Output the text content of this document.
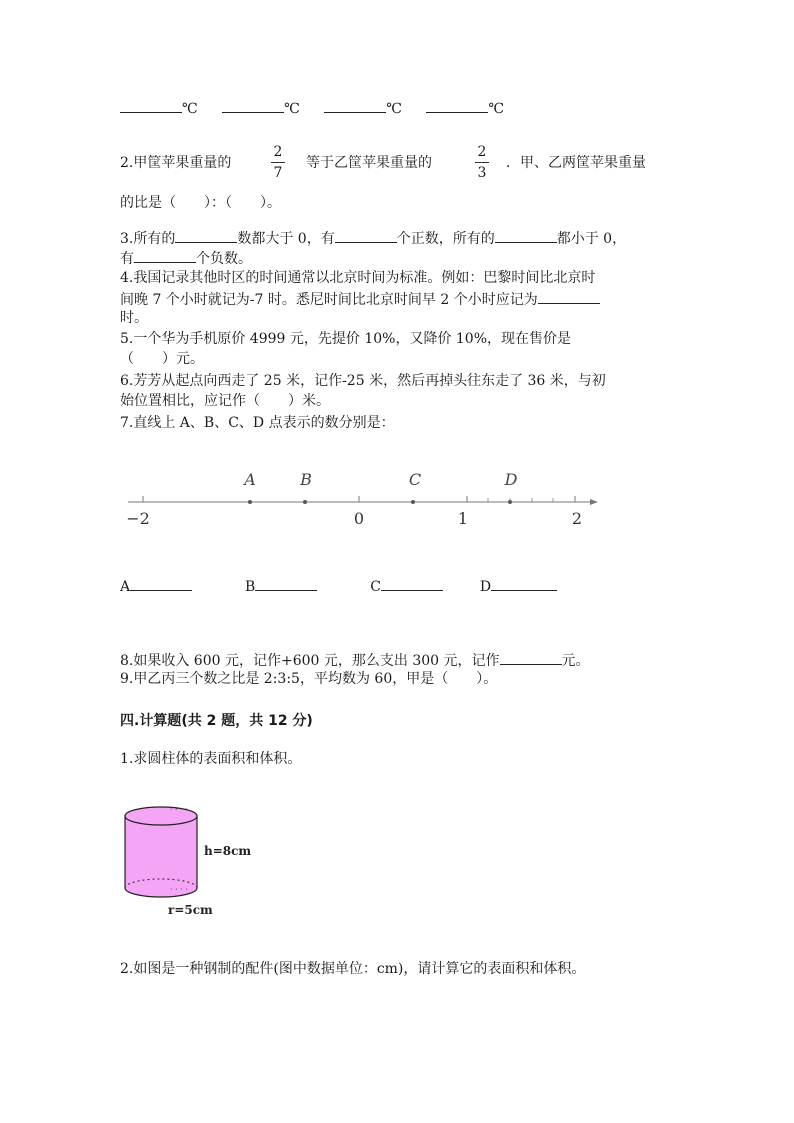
℃	℃	℃	℃
2.甲筐苹果重量的
2
7
等于乙筐苹果重量的
2
3
．甲、乙两筐苹果重量
的比是（　　）：（　　）。
3.所有的	数都大于 0，有	个正数，所有的	都小于 0，
有	个负数。
4.我国记录其他时区的时间通常以北京时间为标准。例如：巴黎时间比北京时
间晚 7 个小时就记为-7 时。悉尼时间比北京时间早 2 个小时应记为
时。
5.一个华为手机原价 4999 元，先提价 10%，又降价 10%，现在售价是
（　　）元。
6.芳芳从起点向西走了 25 米，记作-25 米，然后再掉头往东走了 36 米，与初
始位置相比，应记作（　　）米。
7.直线上 A、B、C、D 点表示的数分别是：
−2	0	1	2
A	B	C	D
A	B	C	D
8.如果收入 600 元，记作+600 元，那么支出 300 元，记作	元。
9.甲乙丙三个数之比是 2:3:5，平均数为 60，甲是（　　）。
四.计算题(共 2 题，共 12 分)
1.求圆柱体的表面积和体积。
· · · ·
· · · ·
h=8cm
r=5cm
2.如图是一种钢制的配件(图中数据单位：cm)，请计算它的表面积和体积。
